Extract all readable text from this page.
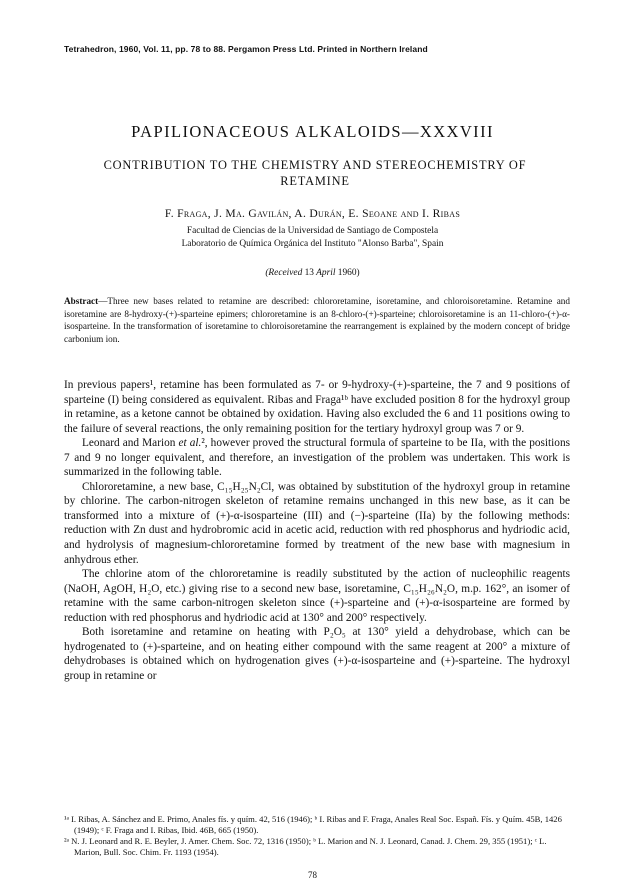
Tetrahedron, 1960, Vol. 11, pp. 78 to 88. Pergamon Press Ltd. Printed in Northern Ireland
PAPILIONACEOUS ALKALOIDS—XXXVIII
CONTRIBUTION TO THE CHEMISTRY AND STEREOCHEMISTRY OF RETAMINE
F. Fraga, J. Ma. Gavilán, A. Durán, E. Seoane and I. Ribas
Facultad de Ciencias de la Universidad de Santiago de Compostela
Laboratorio de Química Orgánica del Instituto "Alonso Barba", Spain
(Received 13 April 1960)
Abstract—Three new bases related to retamine are described: chlororetamine, isoretamine, and chloroisoretamine. Retamine and isoretamine are 8-hydroxy-(+)-sparteine epimers; chlororetamine is an 8-chloro-(+)-sparteine; chloroisoretamine is an 11-chloro-(+)-α-isosparteine. In the transformation of isoretamine to chloroisoretamine the rearrangement is explained by the modern concept of bridge carbonium ion.

In previous papers¹, retamine has been formulated as 7- or 9-hydroxy-(+)-sparteine, the 7 and 9 positions of sparteine (I) being considered as equivalent. Ribas and Fraga¹ᵇ have excluded position 8 for the hydroxyl group in retamine, as a ketone cannot be obtained by oxidation. Having also excluded the 6 and 11 positions owing to the failure of several reactions, the only remaining position for the tertiary hydroxyl group was 7 or 9.

Leonard and Marion et al.², however proved the structural formula of sparteine to be IIa, with the positions 7 and 9 no longer equivalent, and therefore, an investigation of the problem was undertaken. This work is summarized in the following table.

Chlororetamine, a new base, C₁₅H₂₅N₂Cl, was obtained by substitution of the hydroxyl group in retamine by chlorine. The carbon-nitrogen skeleton of retamine remains unchanged in this new base, as it can be transformed into a mixture of (+)-α-isosparteine (III) and (−)-sparteine (IIa) by the following methods: reduction with Zn dust and hydrobromic acid in acetic acid, reduction with red phosphorus and hydriodic acid, and hydrolysis of magnesium-chlororetamine formed by treatment of the new base with magnesium in anhydrous ether.

The chlorine atom of the chlororetamine is readily substituted by the action of nucleophilic reagents (NaOH, AgOH, H₂O, etc.) giving rise to a second new base, isoretamine, C₁₅H₂₆N₂O, m.p. 162°, an isomer of retamine with the same carbon-nitrogen skeleton since (+)-sparteine and (+)-α-isosparteine are formed by reduction with red phosphorus and hydriodic acid at 130° and 200° respectively.

Both isoretamine and retamine on heating with P₂O₅ at 130° yield a dehydrobase, which can be hydrogenated to (+)-sparteine, and on heating either compound with the same reagent at 200° a mixture of dehydrobases is obtained which on hydrogenation gives (+)-α-isosparteine and (+)-sparteine. The hydroxyl group in retamine or

¹ᵃ I. Ribas, A. Sánchez and E. Primo, Anales fís. y quím. 42, 516 (1946); ᵇ I. Ribas and F. Fraga, Anales Real Soc. Españ. Fís. y Quím. 45B, 1426 (1949); ᶜ F. Fraga and I. Ribas, Ibid. 46B, 665 (1950).

²ᵃ N. J. Leonard and R. E. Beyler, J. Amer. Chem. Soc. 72, 1316 (1950); ᵇ L. Marion and N. J. Leonard, Canad. J. Chem. 29, 355 (1951); ᶜ L. Marion, Bull. Soc. Chim. Fr. 1193 (1954).

78
